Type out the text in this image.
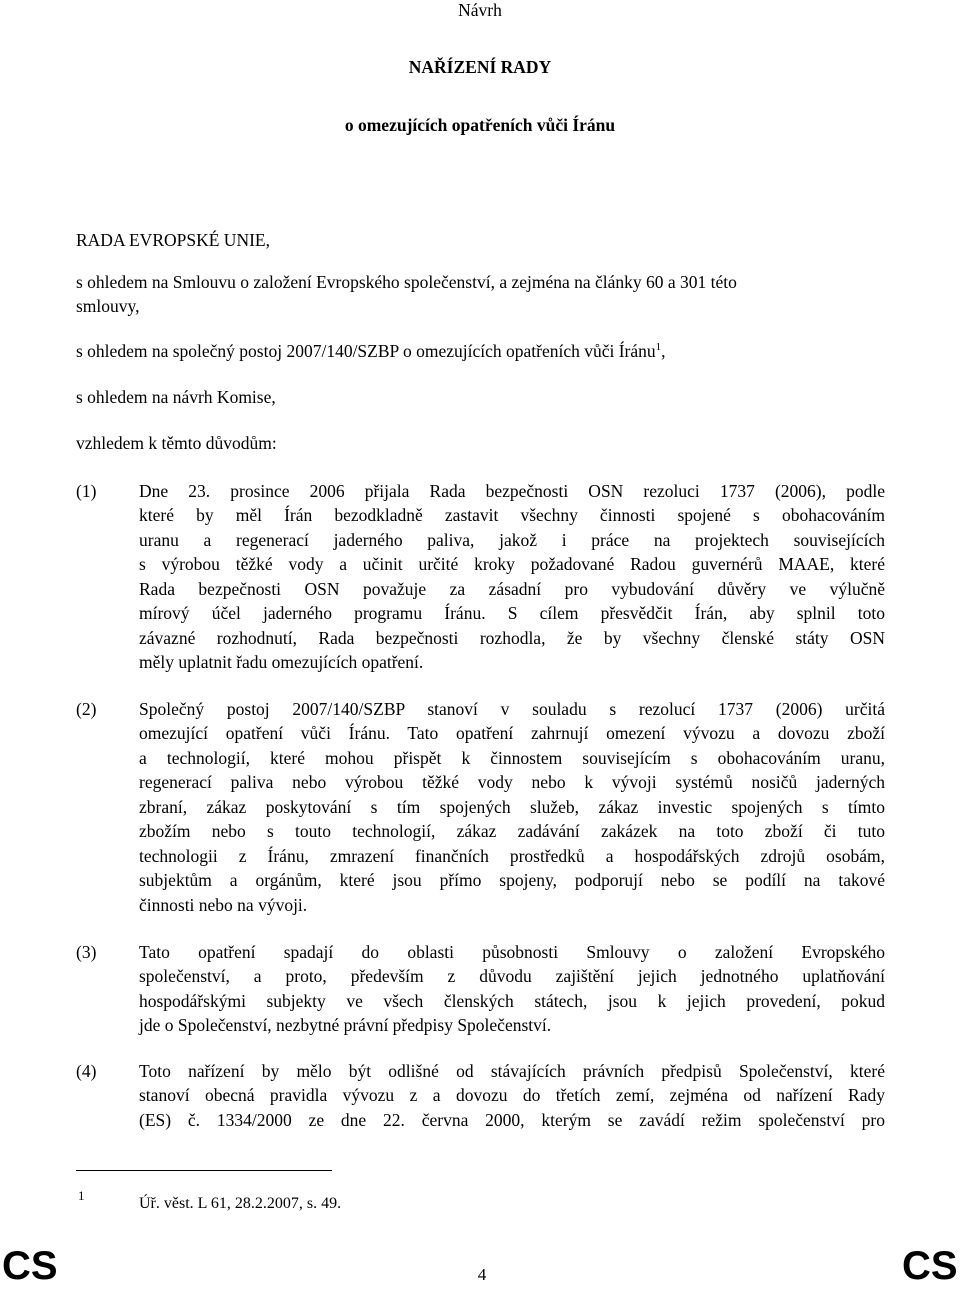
Návrh
NAŘÍZENÍ RADY
o omezujících opatřeních vůči Íránu
RADA EVROPSKÉ UNIE,
s ohledem na Smlouvu o založení Evropského společenství, a zejména na články 60 a 301 této
smlouvy,
s ohledem na společný postoj 2007/140/SZBP o omezujících opatřeních vůči Íránu$^1$,
s ohledem na návrh Komise,
vzhledem k těmto důvodům:
(1) Dne 23. prosince 2006 přijala Rada bezpečnosti OSN rezoluci 1737 (2006), podle
které by měl Írán bezodkladně zastavit všechny činnosti spojené s obohacováním
uranu a regenerací jaderného paliva, jakož i práce na projektech souvisejících
s výrobou těžké vody a učinit určité kroky požadované Radou guvernérů MAAE, které
Rada bezpečnosti OSN považuje za zásadní pro vybudování důvěry ve výlučně
mírový účel jaderného programu Íránu. S cílem přesvědčit Írán, aby splnil toto
závazné rozhodnutí, Rada bezpečnosti rozhodla, že by všechny členské státy OSN
měly uplatnit řadu omezujících opatření.
(2) Společný postoj 2007/140/SZBP stanoví v souladu s rezolucí 1737 (2006) určitá
omezující opatření vůči Íránu. Tato opatření zahrnují omezení vývozu a dovozu zboží
a technologií, které mohou přispět k činnostem souvisejícím s obohacováním uranu,
regenerací paliva nebo výrobou těžké vody nebo k vývoji systémů nosičů jaderných
zbraní, zákaz poskytování s tím spojených služeb, zákaz investic spojených s tímto
zbožím nebo s touto technologií, zákaz zadávání zakázek na toto zboží či tuto
technologii z Íránu, zmrazení finančních prostředků a hospodářských zdrojů osobám,
subjektům a orgánům, které jsou přímo spojeny, podporují nebo se podílí na takové
činnosti nebo na vývoji.
(3) Tato opatření spadají do oblasti působnosti Smlouvy o založení Evropského
společenství, a proto, především z důvodu zajištění jejich jednotného uplatňování
hospodářskými subjekty ve všech členských státech, jsou k jejich provedení, pokud
jde o Společenství, nezbytné právní předpisy Společenství.
(4) Toto nařízení by mělo být odlišné od stávajících právních předpisů Společenství, které
stanoví obecná pravidla vývozu z a dovozu do třetích zemí, zejména od nařízení Rady
(ES) č. 1334/2000 ze dne 22. června 2000, kterým se zavádí režim společenství pro
1	Úř. věst. L 61, 28.2.2007, s. 49.
CS	4	CS
